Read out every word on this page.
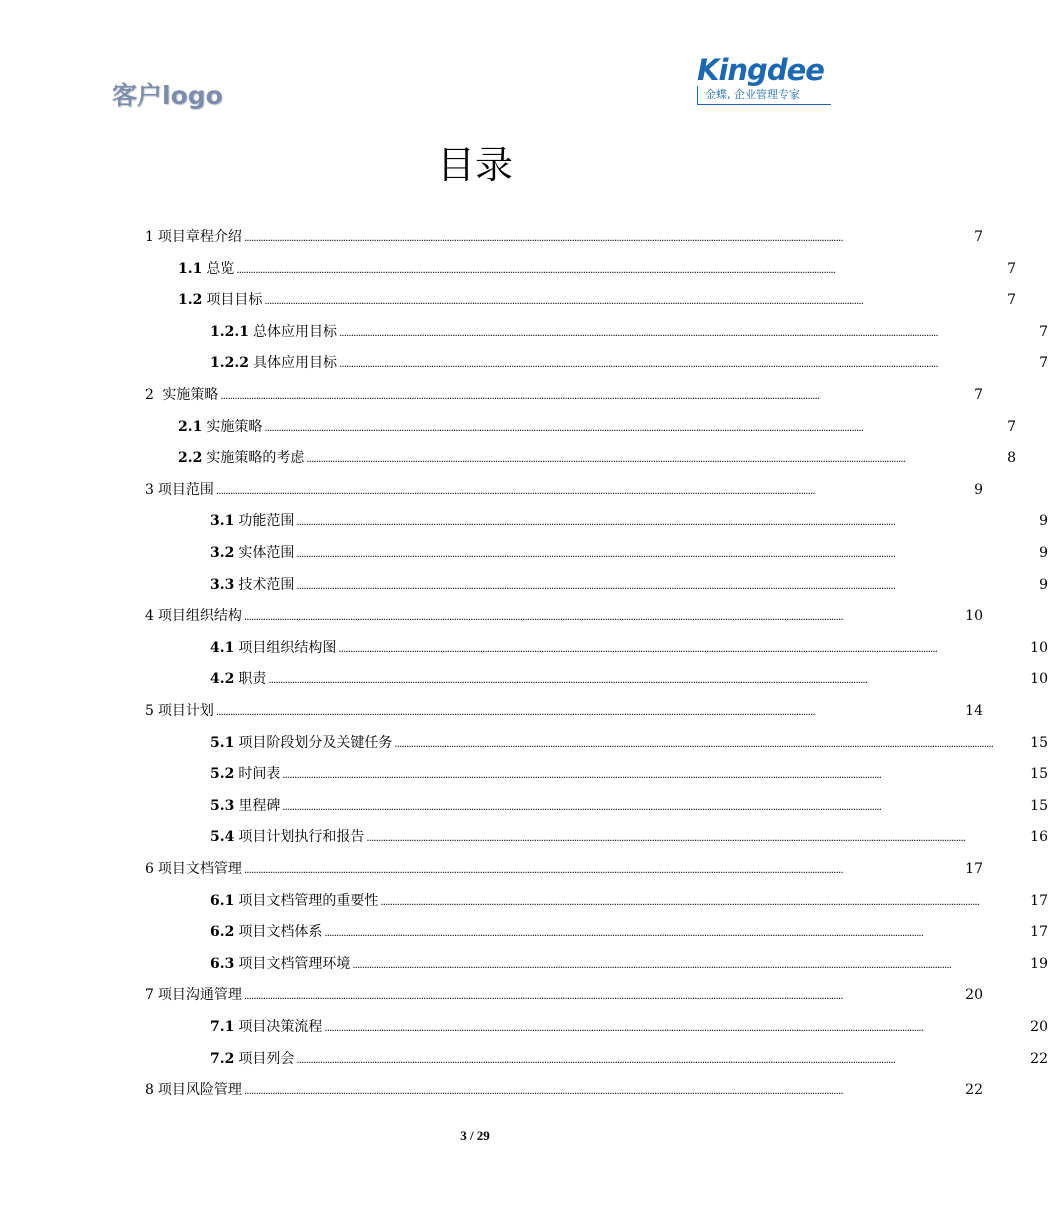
客户logo
Kingdee
金蝶, 企业管理专家
目录
1 项目章程介绍 . . .	7
1.1 总览 . . .	7
1.2 项目目标 . . .	7
1.2.1 总体应用目标 . . .	7
1.2.2 具体应用目标 . . .	7
2 实施策略 . . .	7
2.1 实施策略 . . .	7
2.2 实施策略的考虑 . . .	8
3 项目范围 . . .	9
3.1 功能范围 . . .	9
3.2 实体范围 . . .	9
3.3 技术范围 . . .	9
4 项目组织结构 . . .	10
4.1 项目组织结构图 . . .	10
4.2 职责 . . .	10
5 项目计划 . . .	14
5.1 项目阶段划分及关键任务 . . .	15
5.2 时间表 . . .	15
5.3 里程碑 . . .	15
5.4 项目计划执行和报告 . . .	16
6 项目文档管理 . . .	17
6.1 项目文档管理的重要性 . . .	17
6.2 项目文档体系 . . .	17
6.3 项目文档管理环境 . . .	19
7 项目沟通管理 . . .	20
7.1 项目决策流程 . . .	20
7.2 项目列会 . . .	22
8 项目风险管理 . . .	22
3 / 29
